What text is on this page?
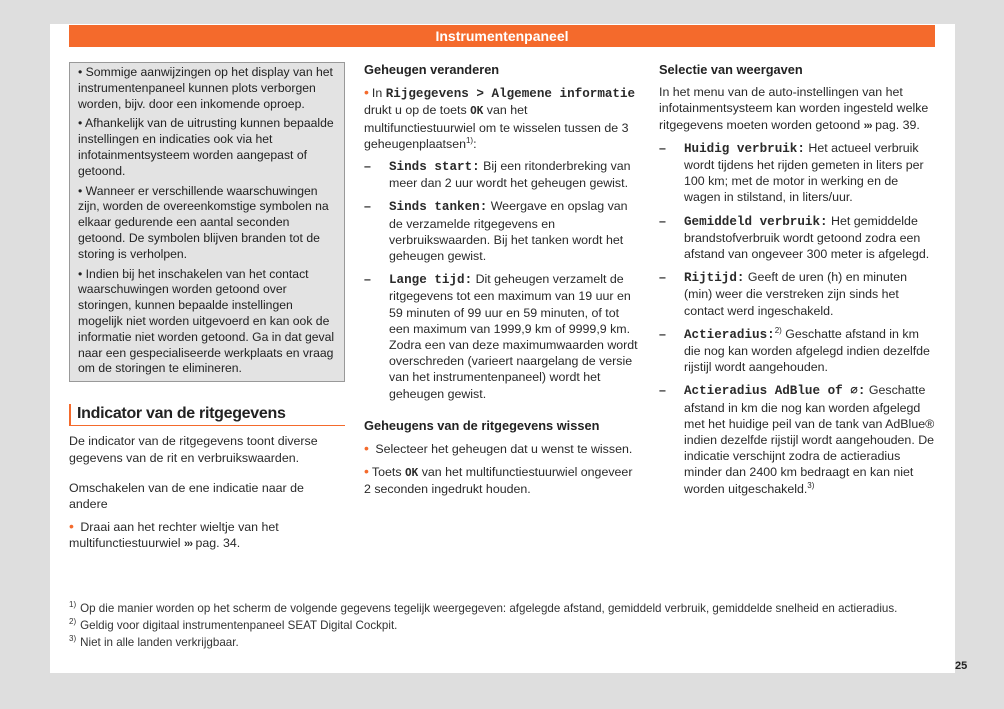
Instrumentenpaneel

• Sommige aanwijzingen op het display van het instrumentenpaneel kunnen plots verborgen worden, bijv. door een inkomende oproep.

• Afhankelijk van de uitrusting kunnen bepaalde instellingen en indicaties ook via het infotainmentsysteem worden aangepast of getoond.

• Wanneer er verschillende waarschuwingen zijn, worden de overeenkomstige symbolen na elkaar gedurende een aantal seconden getoond. De symbolen blijven branden tot de storing is verholpen.

• Indien bij het inschakelen van het contact waarschuwingen worden getoond over storingen, kunnen bepaalde instellingen mogelijk niet worden uitgevoerd en kan ook de informatie niet worden getoond. Ga in dat geval naar een gespecialiseerde werkplaats en vraag om de storingen te elimineren.

Indicator van de ritgegevens

De indicator van de ritgegevens toont diverse gegevens van de rit en verbruikswaarden.

Omschakelen van de ene indicatie naar de andere

• Draai aan het rechter wieltje van het multifunctiestuurwiel ››› pag. 34.

Geheugen veranderen

• In Rijgegevens > Algemene informatie drukt u op de toets OK van het multifunctiestuurwiel om te wisselen tussen de 3 geheugenplaatsen$^{1)}$:

– Sinds start: Bij een ritonderbreking van meer dan 2 uur wordt het geheugen gewist.
– Sinds tanken: Weergave en opslag van de verzamelde ritgegevens en verbruikswaarden. Bij het tanken wordt het geheugen gewist.
– Lange tijd: Dit geheugen verzamelt de ritgegevens tot een maximum van 19 uur en 59 minuten of 99 uur en 59 minuten, of tot een maximum van 1999,9 km of 9999,9 km. Zodra een van deze maximumwaarden wordt overschreden (varieert naargelang de versie van het instrumentenpaneel) wordt het geheugen gewist.

Geheugens van de ritgegevens wissen

• Selecteer het geheugen dat u wenst te wissen.

• Toets OK van het multifunctiestuurwiel ongeveer 2 seconden ingedrukt houden.

Selectie van weergaven

In het menu van de auto-instellingen van het infotainmentsysteem kan worden ingesteld welke ritgegevens moeten worden getoond ››› pag. 39.

– Huidig verbruik: Het actueel verbruik wordt tijdens het rijden gemeten in liters per 100 km; met de motor in werking en de wagen in stilstand, in liters/uur.
– Gemiddeld verbruik: Het gemiddelde brandstofverbruik wordt getoond zodra een afstand van ongeveer 300 meter is afgelegd.
– Rijtijd: Geeft de uren (h) en minuten (min) weer die verstreken zijn sinds het contact werd ingeschakeld.
– Actieradius:$^{2)}$ Geschatte afstand in km die nog kan worden afgelegd indien dezelfde rijstijl wordt aangehouden.
– Actieradius AdBlue of ⌀: Geschatte afstand in km die nog kan worden afgelegd met het huidige peil van de tank van AdBlue® indien dezelfde rijstijl wordt aangehouden. De indicatie verschijnt zodra de actieradius minder dan 2400 km bedraagt en kan niet worden uitgeschakeld.$^{3)}$
$^{1)}$ Op die manier worden op het scherm de volgende gegevens tegelijk weergegeven: afgelegde afstand, gemiddeld verbruik, gemiddelde snelheid en actieradius.
$^{2)}$ Geldig voor digitaal instrumentenpaneel SEAT Digital Cockpit.
$^{3)}$ Niet in alle landen verkrijgbaar.
25
